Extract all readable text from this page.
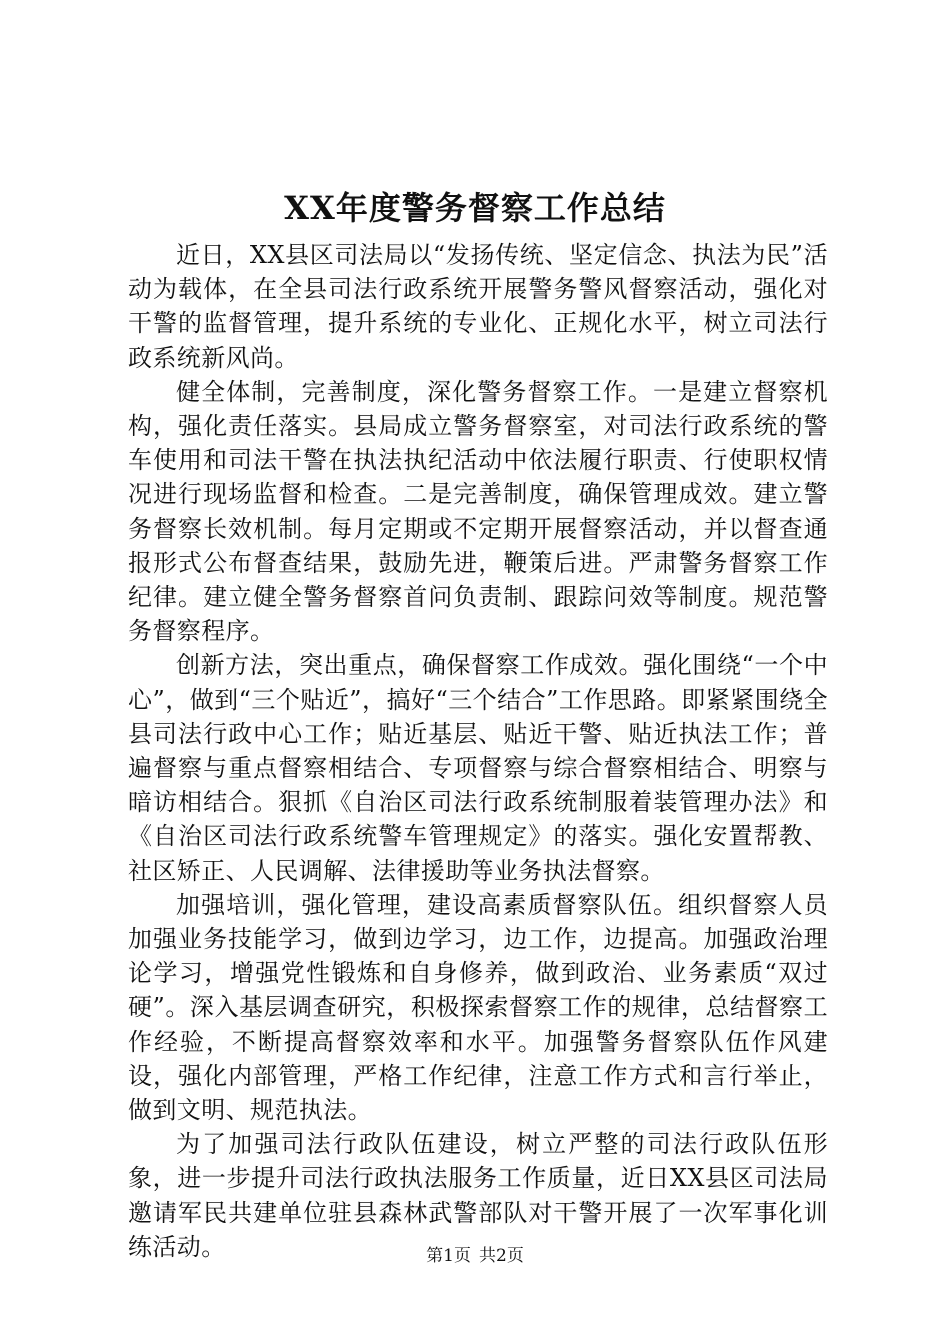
XX年度警务督察工作总结

近日，XX县区司法局以“发扬传统、坚定信念、执法为民”活动为载体，在全县司法行政系统开展警务警风督察活动，强化对干警的监督管理，提升系统的专业化、正规化水平，树立司法行政系统新风尚。

健全体制，完善制度，深化警务督察工作。一是建立督察机构，强化责任落实。县局成立警务督察室，对司法行政系统的警车使用和司法干警在执法执纪活动中依法履行职责、行使职权情况进行现场监督和检查。二是完善制度，确保管理成效。建立警务督察长效机制。每月定期或不定期开展督察活动，并以督查通报形式公布督查结果，鼓励先进，鞭策后进。严肃警务督察工作纪律。建立健全警务督察首问负责制、跟踪问效等制度。规范警务督察程序。

创新方法，突出重点，确保督察工作成效。强化围绕“一个中心”，做到“三个贴近”，搞好“三个结合”工作思路。即紧紧围绕全县司法行政中心工作；贴近基层、贴近干警、贴近执法工作；普遍督察与重点督察相结合、专项督察与综合督察相结合、明察与暗访相结合。狠抓《自治区司法行政系统制服着装管理办法》和《自治区司法行政系统警车管理规定》的落实。强化安置帮教、社区矫正、人民调解、法律援助等业务执法督察。

加强培训，强化管理，建设高素质督察队伍。组织督察人员加强业务技能学习，做到边学习，边工作，边提高。加强政治理论学习，增强党性锻炼和自身修养，做到政治、业务素质“双过硬”。深入基层调查研究，积极探索督察工作的规律，总结督察工作经验，不断提高督察效率和水平。加强警务督察队伍作风建设，强化内部管理，严格工作纪律，注意工作方式和言行举止，做到文明、规范执法。

为了加强司法行政队伍建设，树立严整的司法行政队伍形象，进一步提升司法行政执法服务工作质量，近日XX县区司法局邀请军民共建单位驻县森林武警部队对干警开展了一次军事化训练活动。	第1页 共2页
